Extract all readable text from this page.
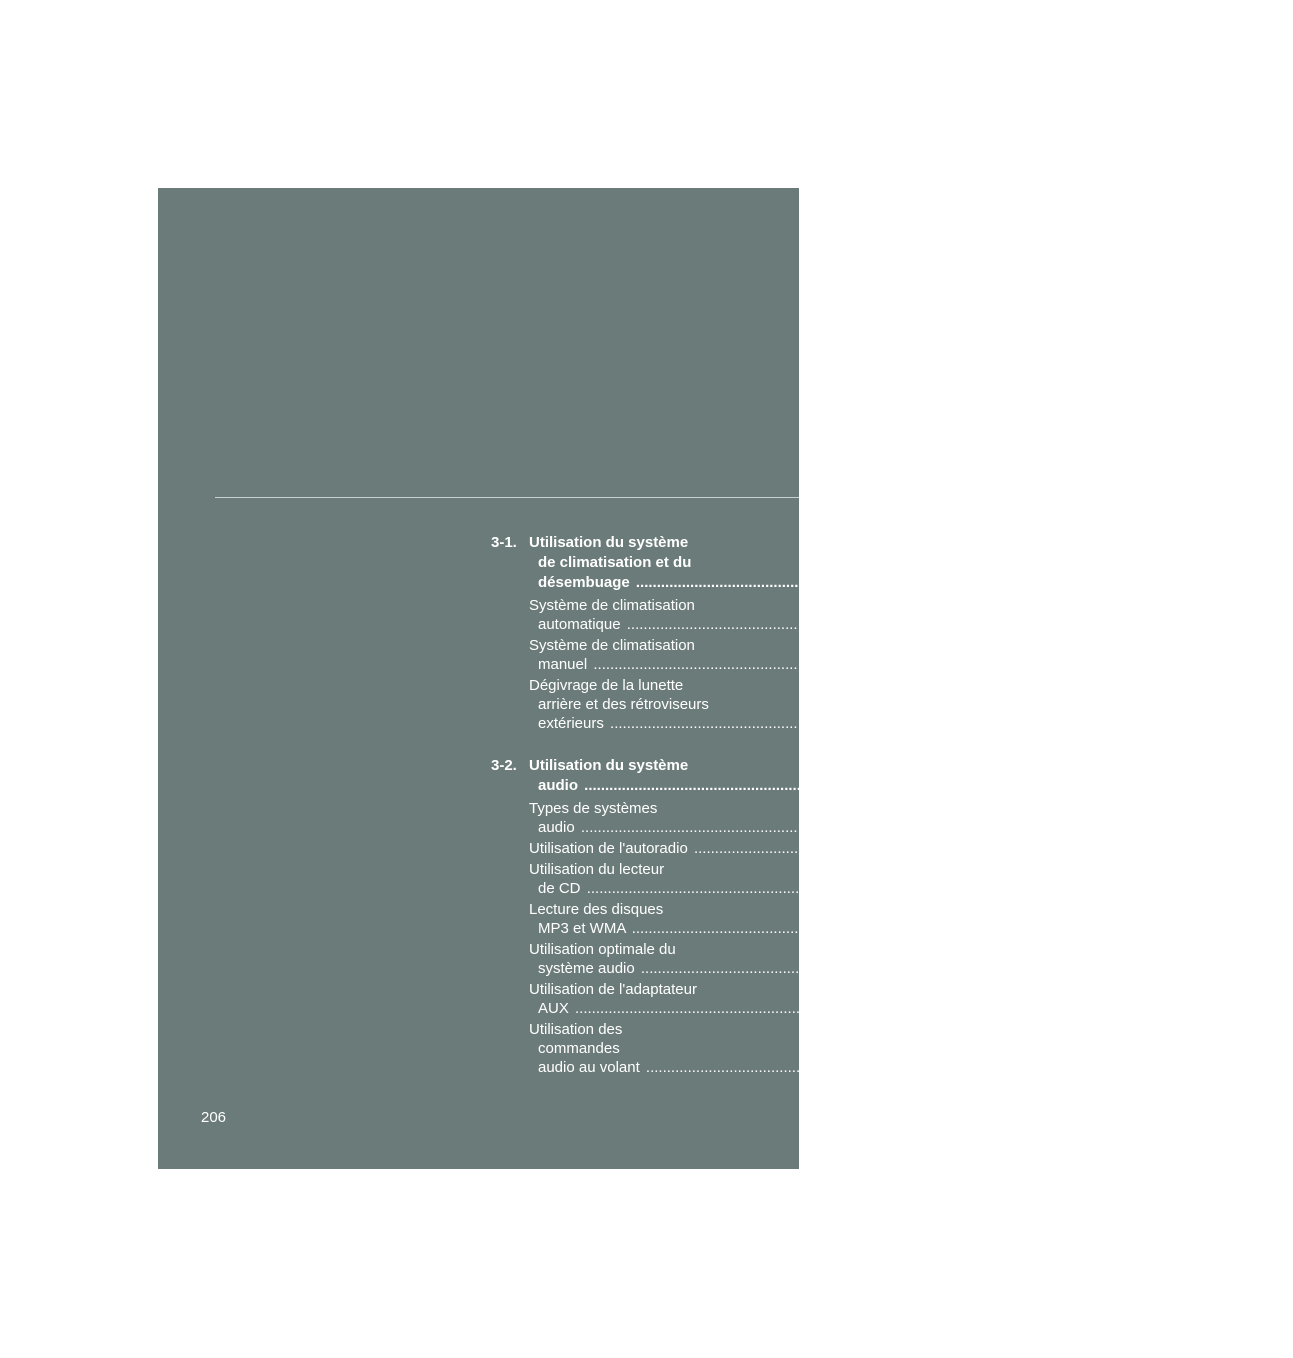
3-1. Utilisation du système
de climatisation et du
désembuage .....	208
Système de climatisation
automatique .....	208
Système de climatisation
manuel .....	214
Dégivrage de la lunette
arrière et des rétroviseurs
extérieurs .....	221
3-2. Utilisation du système
audio .....	222
Types de systèmes
audio .....	222
Utilisation de l'autoradio .....	225
Utilisation du lecteur
de CD .....	232
Lecture des disques
MP3 et WMA .....	239
Utilisation optimale du
système audio .....	247
Utilisation de l'adaptateur
AUX .....	249
Utilisation des
commandes
audio au volant .....	250
206
